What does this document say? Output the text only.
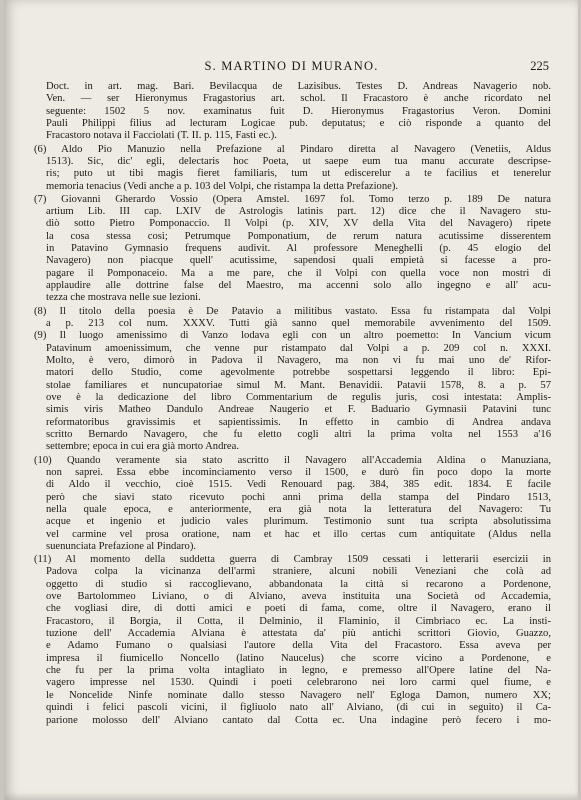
S. MARTINO DI MURANO.	225
Doct. in art. mag. Bari. Bevilacqua de Lazisibus. Testes D. Andreas Navagerio nob.
Ven. — ser Hieronymus Fragastorius art. schol. Il Fracastoro è anche ricordato nel
seguente: 1502 5 nov. examinatus fuit D. Hieronymus Fragastorius Veron. Domini
Pauli Philippi filius ad lecturam Logicae pub. deputatus; e ciò risponde a quanto del
Fracastoro notava il Facciolati (T. II. p. 115, Fasti ec.).
(6) Aldo Pio Manuzio nella Prefazione al Pindaro diretta al Navagero (Venetiis, Aldus
1513). Sic, dic' egli, delectaris hoc Poeta, ut saepe eum tua manu accurate descripse-
ris; puto ut tibi magis fieret familiaris, tum ut ediscerelur a te facilius et tenerelur
memoria tenacius (Vedi anche a p. 103 del Volpi, che ristampa la detta Prefazione).
(7) Giovanni Gherardo Vossio (Opera Amstel. 1697 fol. Tomo terzo p. 189 De natura
artium Lib. III cap. LXIV de Astrologis latinis part. 12) dice che il Navagero stu-
diò sotto Pietro Pomponaccio. Il Volpi (p. XIV, XV della Vita del Navagero) ripete
la cosa stessa così; Petrumque Pomponatium, de rerum natura acutissime disserentem
in Patavino Gymnasio frequens audivit. Al professore Meneghelli (p. 45 elogio del
Navagero) non piacque quell' acutissime, sapendosi quali empietà si facesse a pro-
pagare il Pomponaceio. Ma a me pare, che il Volpi con quella voce non mostri di
applaudire alle dottrine false del Maestro, ma accenni solo allo ingegno e all' acu-
tezza che mostrava nelle sue lezioni.
(8) Il titolo della poesia è De Patavio a militibus vastato. Essa fu ristampata dal Volpi
a p. 213 col num. XXXV. Tutti già sanno quel memorabile avvenimento del 1509.
(9) Il luogo amenissimo di Vanzo lodava egli con un altro poemetto: In Vancium vicum
Patavinum amoenissimum, che venne pur ristampato dal Volpi a p. 209 col n. XXXI.
Molto, è vero, dimorò in Padova il Navagero, ma non vi fu mai uno de' Rifor-
matori dello Studio, come agevolmente potrebbe sospettarsi leggendo il libro: Epi-
stolae familiares et nuncupatoriae simul M. Mant. Benavidii. Patavii 1578, 8. a p. 57
ove è la dedicazione del libro Commentarium de regulis juris, così intestata: Amplis-
simis viris Matheo Dandulo Andreae Naugerio et F. Baduario Gymnasii Patavini tunc
reformatoribus gravissimis et sapientissimis. In effetto in cambio di Andrea andava
scritto Bernardo Navagero, che fu eletto cogli altri la prima volta nel 1553 a'16
settembre; epoca in cui era già morto Andrea.
(10) Quando veramente sia stato ascritto il Navagero all'Accademia Aldina o Manuziana,
non saprei. Essa ebbe incominciamento verso il 1500, e durò fin poco dopo la morte
di Aldo il vecchio, cioè 1515. Vedi Renouard pag. 384, 385 edit. 1834. È facile
però che siavi stato ricevuto pochi anni prima della stampa del Pindaro 1513,
nella quale epoca, e anteriormente, era già nota la letteratura del Navagero: Tu
acque et ingenio et judicio vales plurimum. Testimonio sunt tua scripta absolutissima
vel carmine vel prosa oratione, nam et hac et illo certas cum antiquitate (Aldus nella
suenunciata Prefazione al Pindaro).
(11) Al momento della suddetta guerra di Cambray 1509 cessati i letterarii esercizii in
Padova colpa la vicinanza dell'armi straniere, alcuni nobili Veneziani che colà ad
oggetto di studio si raccoglievano, abbandonata la città si recarono a Pordenone,
ove Bartolommeo Liviano, o di Alviano, aveva instituita una Società od Accademia,
che vogliasi dire, di dotti amici e poeti di fama, come, oltre il Navagero, erano il
Fracastoro, il Borgia, il Cotta, il Delminio, il Flaminio, il Cimbriaco ec. La insti-
tuzione dell' Accademia Alviana è attestata da' più antichi scrittori Giovio, Guazzo,
e Adamo Fumano o qualsiasi l'autore della Vita del Fracastoro. Essa aveva per
impresa il fiumicello Noncello (latino Naucelus) che scorre vicino a Pordenone, e
che fu per la prima volta intagliato in legno, e premesso all'Opere latine del Na-
vagero impresse nel 1530. Quindi i poeti celebrarono nei loro carmi quel fiume, e
le Noncelide Ninfe nominate dallo stesso Navagero nell' Egloga Damon, numero XX;
quindi i felici pascoli vicini, il figliuolo nato all' Alviano, (di cui in seguito) il Ca-
parione molosso dell' Alviano cantato dal Cotta ec. Una indagine però fecero i mo-
